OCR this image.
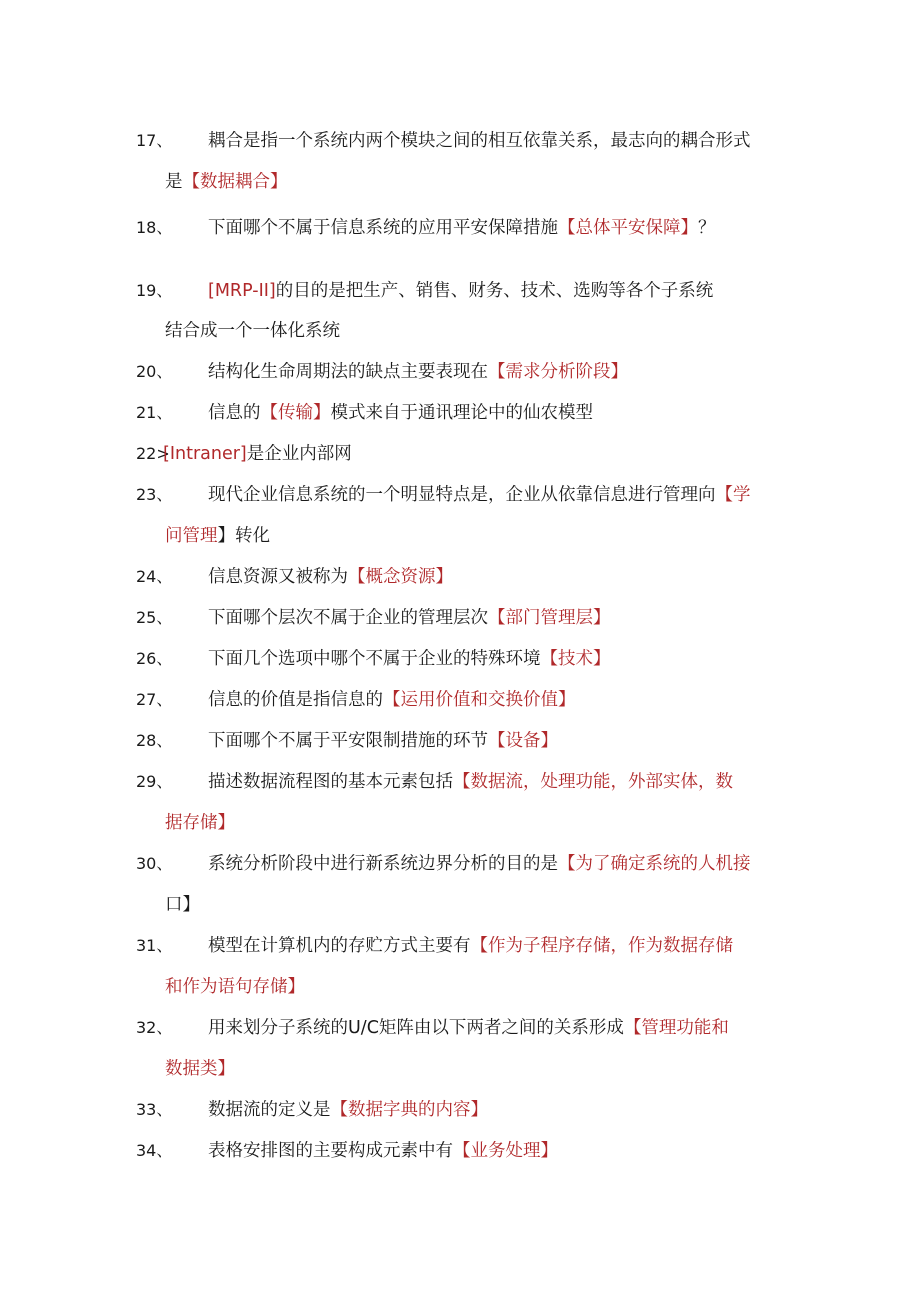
17、 耦合是指一个系统内两个模块之间的相互依靠关系，最志向的耦合形式
是【数据耦合】
18、 下面哪个不属于信息系统的应用平安保障措施【总体平安保障】？
19、 [MRP-II]的目的是把生产、销售、财务、技术、选购等各个子系统
结合成一个一体化系统
20、 结构化生命周期法的缺点主要表现在【需求分析阶段】
21、 信息的【传输】模式来自于通讯理论中的仙农模型
22>
[Intraner]是企业内部网
23、 现代企业信息系统的一个明显特点是，企业从依靠信息进行管理向【学
问管理】转化
24、 信息资源又被称为【概念资源】
25、 下面哪个层次不属于企业的管理层次【部门管理层】
26、 下面几个选项中哪个不属于企业的特殊环境【技术】
27、 信息的价值是指信息的【运用价值和交换价值】
28、 下面哪个不属于平安限制措施的环节【设备】
29、 描述数据流程图的基本元素包括【数据流，处理功能，外部实体，数
据存储】
30、 系统分析阶段中进行新系统边界分析的目的是【为了确定系统的人机接
口】
31、 模型在计算机内的存贮方式主要有【作为子程序存储，作为数据存储
和作为语句存储】
32、 用来划分子系统的U/C矩阵由以下两者之间的关系形成【管理功能和
数据类】
33、 数据流的定义是【数据字典的内容】
34、 表格安排图的主要构成元素中有【业务处理】
